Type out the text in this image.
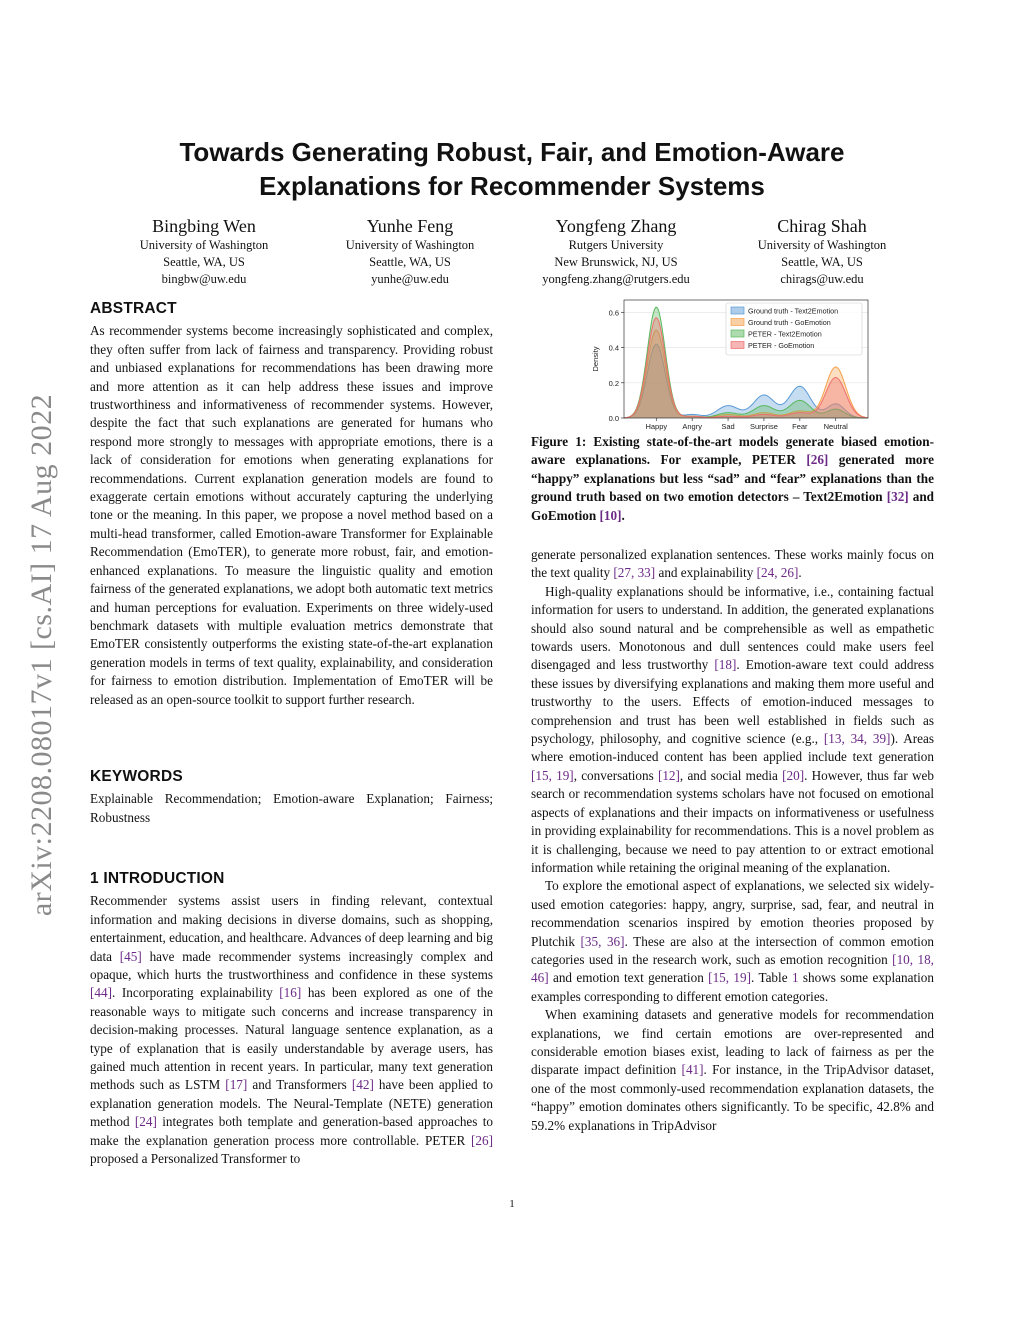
arXiv:2208.08017v1 [cs.AI] 17 Aug 2022
Towards Generating Robust, Fair, and Emotion-Aware
Explanations for Recommender Systems
Bingbing Wen
University of Washington
Seattle, WA, US
bingbw@uw.edu
Yunhe Feng
University of Washington
Seattle, WA, US
yunhe@uw.edu
Yongfeng Zhang
Rutgers University
New Brunswick, NJ, US
yongfeng.zhang@rutgers.edu
Chirag Shah
University of Washington
Seattle, WA, US
chirags@uw.edu
ABSTRACT

As recommender systems become increasingly sophisticated and complex, they often suffer from lack of fairness and transparency. Providing robust and unbiased explanations for recommendations has been drawing more and more attention as it can help address these issues and improve trustworthiness and informativeness of recommender systems. However, despite the fact that such explanations are generated for humans who respond more strongly to messages with appropriate emotions, there is a lack of consideration for emotions when generating explanations for recommendations. Current explanation generation models are found to exaggerate certain emotions without accurately capturing the underlying tone or the meaning. In this paper, we propose a novel method based on a multi-head transformer, called Emotion-aware Transformer for Explainable Recommendation (EmoTER), to generate more robust, fair, and emotion-enhanced explanations. To measure the linguistic quality and emotion fairness of the generated explanations, we adopt both automatic text metrics and human perceptions for evaluation. Experiments on three widely-used benchmark datasets with multiple evaluation metrics demonstrate that EmoTER consistently outperforms the existing state-of-the-art explanation generation models in terms of text quality, explainability, and consideration for fairness to emotion distribution. Implementation of EmoTER will be released as an open-source toolkit to support further research.

KEYWORDS

Explainable Recommendation; Emotion-aware Explanation; Fairness; Robustness

1 INTRODUCTION

Recommender systems assist users in finding relevant, contextual information and making decisions in diverse domains, such as shopping, entertainment, education, and healthcare. Advances of deep learning and big data [45] have made recommender systems increasingly complex and opaque, which hurts the trustworthiness and confidence in these systems [44]. Incorporating explainability [16] has been explored as one of the reasonable ways to mitigate such concerns and increase transparency in decision-making processes. Natural language sentence explanation, as a type of explanation that is easily understandable by average users, has gained much attention in recent years. In particular, many text generation methods such as LSTM [17] and Transformers [42] have been applied to explanation generation models. The Neural-Template (NETE) generation method [24] integrates both template and generation-based approaches to make the explanation generation process more controllable. PETER [26] proposed a Personalized Transformer to

0.0
0.2
0.4
0.6
Happy Angry	Sad Surprise Fear Neutral
Density
Ground truth - Text2Emotion
Ground truth - GoEmotion
PETER - Text2Emotion
PETER - GoEmotion
Figure 1: Existing state-of-the-art models generate biased emotion-aware explanations. For example, PETER [26] generated more “happy” explanations but less “sad” and “fear” explanations than the ground truth based on two emotion detectors – Text2Emotion [32] and GoEmotion [10].

generate personalized explanation sentences. These works mainly focus on the text quality [27, 33] and explainability [24, 26].

High-quality explanations should be informative, i.e., containing factual information for users to understand. In addition, the generated explanations should also sound natural and be comprehensible as well as empathetic towards users. Monotonous and dull sentences could make users feel disengaged and less trustworthy [18]. Emotion-aware text could address these issues by diversifying explanations and making them more useful and trustworthy to the users. Effects of emotion-induced messages to comprehension and trust has been well established in fields such as psychology, philosophy, and cognitive science (e.g., [13, 34, 39]). Areas where emotion-induced content has been applied include text generation [15, 19], conversations [12], and social media [20]. However, thus far web search or recommendation systems scholars have not focused on emotional aspects of explanations and their impacts on informativeness or usefulness in providing explainability for recommendations. This is a novel problem as it is challenging, because we need to pay attention to or extract emotional information while retaining the original meaning of the explanation.

To explore the emotional aspect of explanations, we selected six widely-used emotion categories: happy, angry, surprise, sad, fear, and neutral in recommendation scenarios inspired by emotion theories proposed by Plutchik [35, 36]. These are also at the intersection of common emotion categories used in the research work, such as emotion recognition [10, 18, 46] and emotion text generation [15, 19]. Table 1 shows some explanation examples corresponding to different emotion categories.

When examining datasets and generative models for recommendation explanations, we find certain emotions are over-represented and considerable emotion biases exist, leading to lack of fairness as per the disparate impact definition [41]. For instance, in the TripAdvisor dataset, one of the most commonly-used recommendation explanation datasets, the “happy” emotion dominates others significantly. To be specific, 42.8% and 59.2% explanations in TripAdvisor

1
